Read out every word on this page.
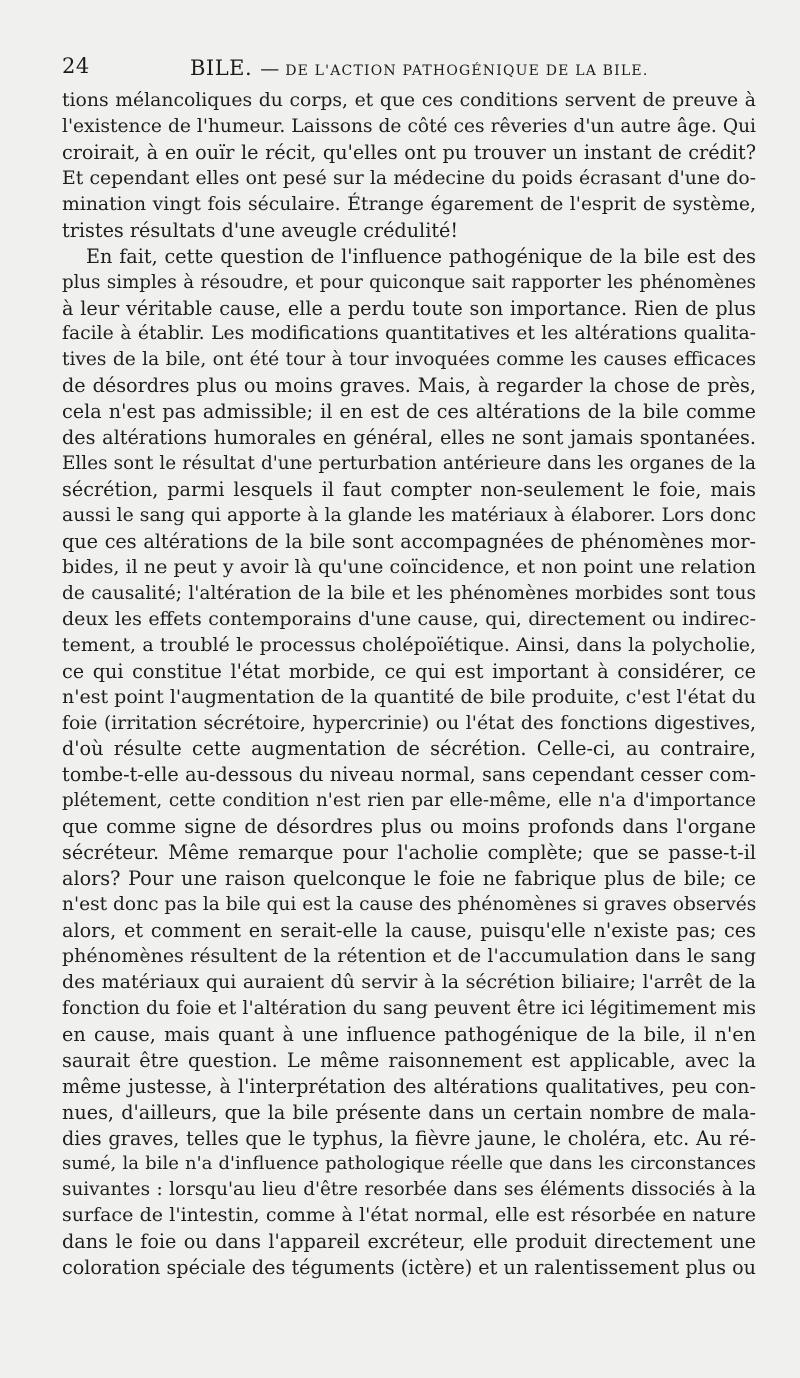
24	BILE. — DE L'ACTION PATHOGÉNIQUE DE LA BILE.
tions mélancoliques du corps, et que ces conditions servent de preuve à
l'existence de l'humeur. Laissons de côté ces rêveries d'un autre âge. Qui
croirait, à en ouïr le récit, qu'elles ont pu trouver un instant de crédit?
Et cependant elles ont pesé sur la médecine du poids écrasant d'une do-
mination vingt fois séculaire. Étrange égarement de l'esprit de système,
tristes résultats d'une aveugle crédulité!
En fait, cette question de l'influence pathogénique de la bile est des
plus simples à résoudre, et pour quiconque sait rapporter les phénomènes
à leur véritable cause, elle a perdu toute son importance. Rien de plus
facile à établir. Les modifications quantitatives et les altérations qualita-
tives de la bile, ont été tour à tour invoquées comme les causes efficaces
de désordres plus ou moins graves. Mais, à regarder la chose de près,
cela n'est pas admissible; il en est de ces altérations de la bile comme
des altérations humorales en général, elles ne sont jamais spontanées.
Elles sont le résultat d'une perturbation antérieure dans les organes de la
sécrétion, parmi lesquels il faut compter non-seulement le foie, mais
aussi le sang qui apporte à la glande les matériaux à élaborer. Lors donc
que ces altérations de la bile sont accompagnées de phénomènes mor-
bides, il ne peut y avoir là qu'une coïncidence, et non point une relation
de causalité; l'altération de la bile et les phénomènes morbides sont tous
deux les effets contemporains d'une cause, qui, directement ou indirec-
tement, a troublé le processus cholépoïétique. Ainsi, dans la polycholie,
ce qui constitue l'état morbide, ce qui est important à considérer, ce
n'est point l'augmentation de la quantité de bile produite, c'est l'état du
foie (irritation sécrétoire, hypercrinie) ou l'état des fonctions digestives,
d'où résulte cette augmentation de sécrétion. Celle-ci, au contraire,
tombe-t-elle au-dessous du niveau normal, sans cependant cesser com-
plétement, cette condition n'est rien par elle-même, elle n'a d'importance
que comme signe de désordres plus ou moins profonds dans l'organe
sécréteur. Même remarque pour l'acholie complète; que se passe-t-il
alors? Pour une raison quelconque le foie ne fabrique plus de bile; ce
n'est donc pas la bile qui est la cause des phénomènes si graves observés
alors, et comment en serait-elle la cause, puisqu'elle n'existe pas; ces
phénomènes résultent de la rétention et de l'accumulation dans le sang
des matériaux qui auraient dû servir à la sécrétion biliaire; l'arrêt de la
fonction du foie et l'altération du sang peuvent être ici légitimement mis
en cause, mais quant à une influence pathogénique de la bile, il n'en
saurait être question. Le même raisonnement est applicable, avec la
même justesse, à l'interprétation des altérations qualitatives, peu con-
nues, d'ailleurs, que la bile présente dans un certain nombre de mala-
dies graves, telles que le typhus, la fièvre jaune, le choléra, etc. Au ré-
sumé, la bile n'a d'influence pathologique réelle que dans les circonstances
suivantes : lorsqu'au lieu d'être resorbée dans ses éléments dissociés à la
surface de l'intestin, comme à l'état normal, elle est résorbée en nature
dans le foie ou dans l'appareil excréteur, elle produit directement une
coloration spéciale des téguments (ictère) et un ralentissement plus ou
